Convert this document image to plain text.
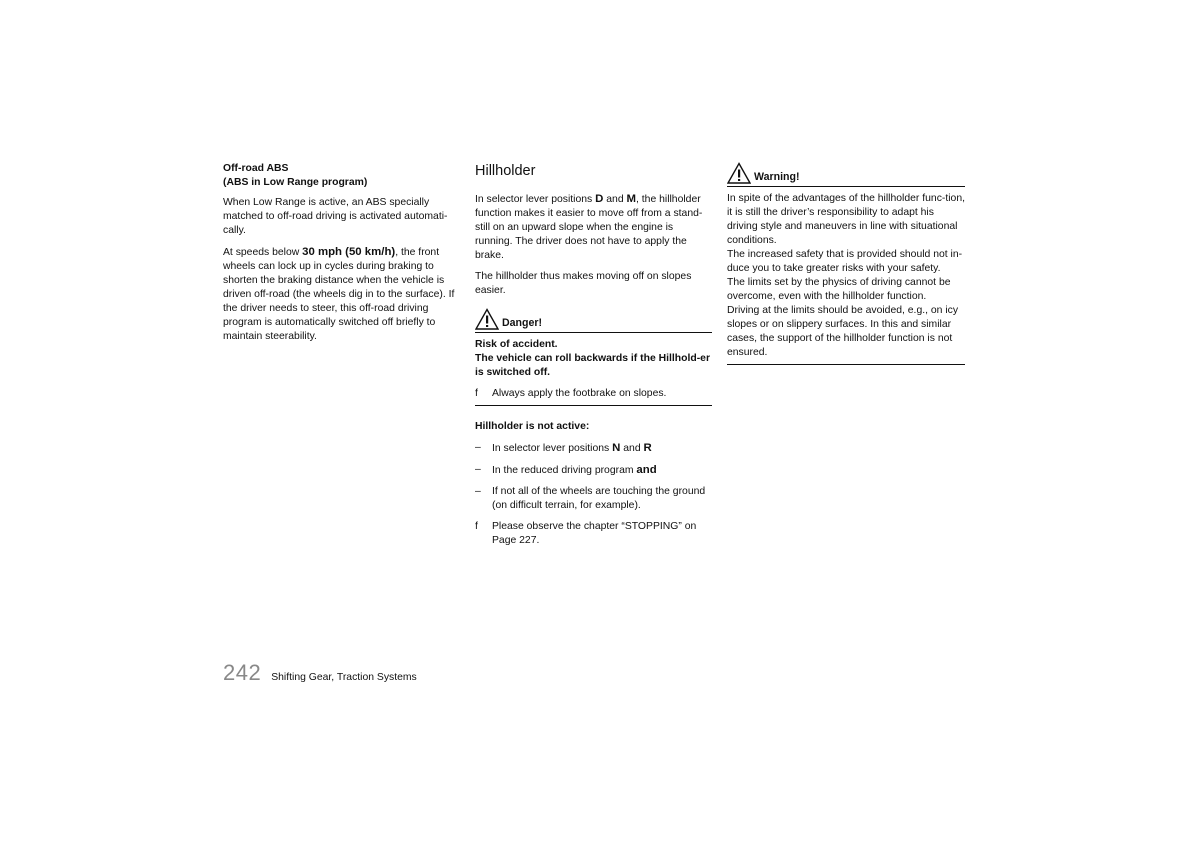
Off-road ABS
(ABS in Low Range program)

When Low Range is active, an ABS specially matched to off-road driving is activated automati-cally.

At speeds below 30 mph (50 km/h), the front wheels can lock up in cycles during braking to shorten the braking distance when the vehicle is driven off-road (the wheels dig in to the surface). If the driver needs to steer, this off-road driving program is automatically switched off briefly to maintain steerability.

Hillholder

In selector lever positions D and M, the hillholder function makes it easier to move off from a stand-still on an upward slope when the engine is running. The driver does not have to apply the brake.

The hillholder thus makes moving off on slopes easier.

Danger!

Risk of accident.

The vehicle can roll backwards if the Hillhold-er is switched off.

f Always apply the footbrake on slopes.

Hillholder is not active:

– In selector lever positions N and R
– In the reduced driving program and
– If not all of the wheels are touching the ground (on difficult terrain, for example).
f Please observe the chapter “STOPPING” on Page 227.
Warning!

In spite of the advantages of the hillholder func-tion, it is still the driver’s responsibility to adapt his driving style and maneuvers in line with situational conditions.

The increased safety that is provided should not in-duce you to take greater risks with your safety.

The limits set by the physics of driving cannot be overcome, even with the hillholder function.

Driving at the limits should be avoided, e.g., on icy slopes or on slippery surfaces. In this and similar cases, the support of the hillholder function is not ensured.

242 Shifting Gear, Traction Systems
